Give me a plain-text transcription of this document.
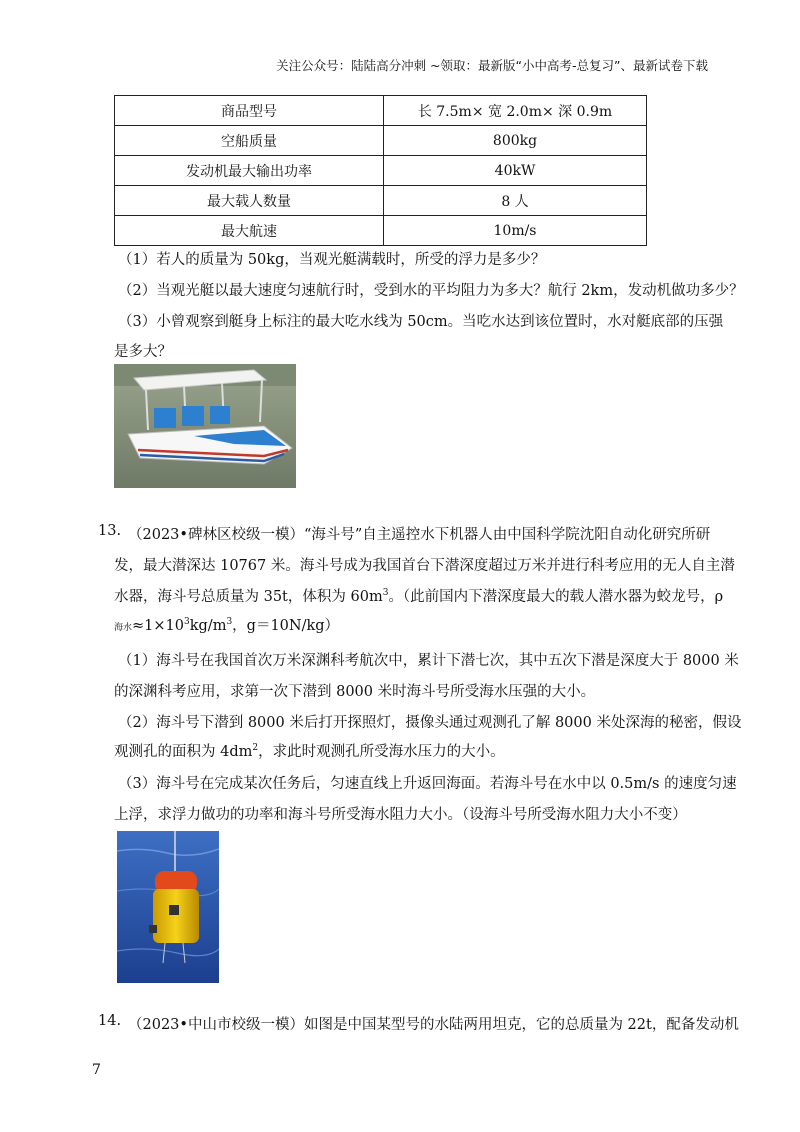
关注公众号：陆陆高分冲刺 ~领取：最新版“小中高考-总复习”、最新试卷下载
商品型号	长 7.5m× 宽 2.0m× 深 0.9m
空船质量	800kg
发动机最大输出功率	40kW
最大载人数量	8 人
最大航速	10m/s
（1）若人的质量为 50kg，当观光艇满载时，所受的浮力是多少？
（2）当观光艇以最大速度匀速航行时，受到水的平均阻力为多大？航行 2km，发动机做功多少？
（3）小曾观察到艇身上标注的最大吃水线为 50cm。当吃水达到该位置时，水对艇底部的压强
是多大？
13. （2023•碑林区校级一模）“海斗号”自主遥控水下机器人由中国科学院沈阳自动化研究所研
发，最大潜深达 10767 米。海斗号成为我国首台下潜深度超过万米并进行科考应用的无人自主潜
水器，海斗号总质量为 35t，体积为 $60m^3$。（此前国内下潜深度最大的载人潜水器为蛟龙号，ρ
海水$\approx 1\times 10^3kg/m^3$，g＝10N/kg）
（1）海斗号在我国首次万米深渊科考航次中，累计下潜七次，其中五次下潜是深度大于 8000 米
的深渊科考应用，求第一次下潜到 8000 米时海斗号所受海水压强的大小。
（2）海斗号下潜到 8000 米后打开探照灯，摄像头通过观测孔了解 8000 米处深海的秘密，假设
观测孔的面积为 $4dm^2$，求此时观测孔所受海水压力的大小。
（3）海斗号在完成某次任务后，匀速直线上升返回海面。若海斗号在水中以 0.5m/s 的速度匀速
上浮，求浮力做功的功率和海斗号所受海水阻力大小。（设海斗号所受海水阻力大小不变）
14. （2023•中山市校级一模）如图是中国某型号的水陆两用坦克，它的总质量为 22t，配备发动机
7
